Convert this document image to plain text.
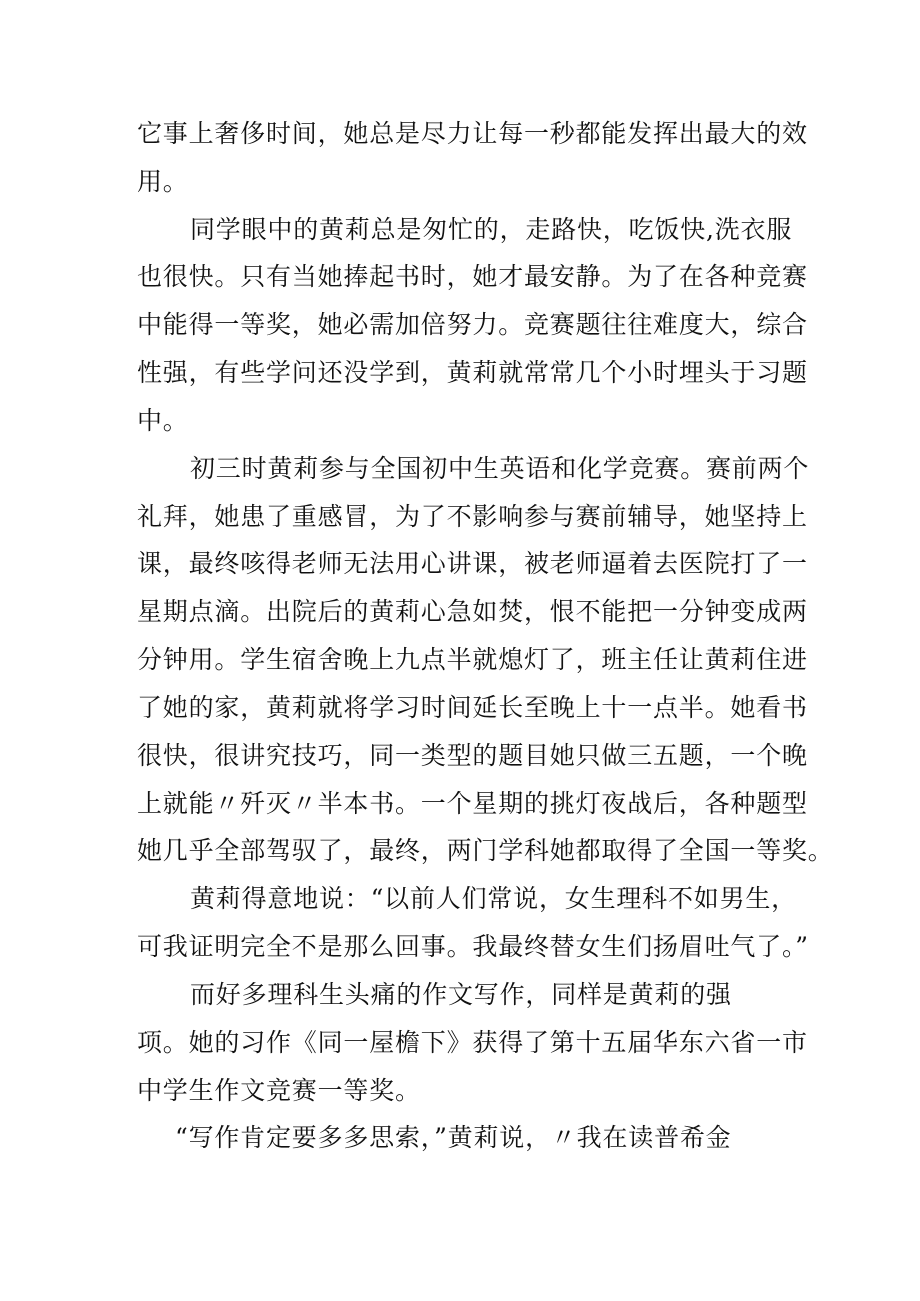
它事上奢侈时间，她总是尽力让每一秒都能发挥出最大的效
用。
同学眼中的黄莉总是匆忙的，走路快，吃饭快,洗衣服
也很快。只有当她捧起书时，她才最安静。为了在各种竞赛
中能得一等奖，她必需加倍努力。竞赛题往往难度大，综合
性强，有些学问还没学到，黄莉就常常几个小时埋头于习题
中。
初三时黄莉参与全国初中生英语和化学竞赛。赛前两个
礼拜，她患了重感冒，为了不影响参与赛前辅导，她坚持上
课，最终咳得老师无法用心讲课，被老师逼着去医院打了一
星期点滴。出院后的黄莉心急如焚，恨不能把一分钟变成两
分钟用。学生宿舍晚上九点半就熄灯了，班主任让黄莉住进
了她的家，黄莉就将学习时间延长至晚上十一点半。她看书
很快，很讲究技巧，同一类型的题目她只做三五题，一个晚
上就能〃歼灭〃半本书。一个星期的挑灯夜战后，各种题型
她几乎全部驾驭了，最终，两门学科她都取得了全国一等奖。
黄莉得意地说：“以前人们常说，女生理科不如男生，
可我证明完全不是那么回事。我最终替女生们扬眉吐气了。”
而好多理科生头痛的作文写作，同样是黄莉的强
项。她的习作《同一屋檐下》获得了第十五届华东六省一市
中学生作文竞赛一等奖。
“写作肯定要多多思索，”黄莉说，〃我在读普希金
